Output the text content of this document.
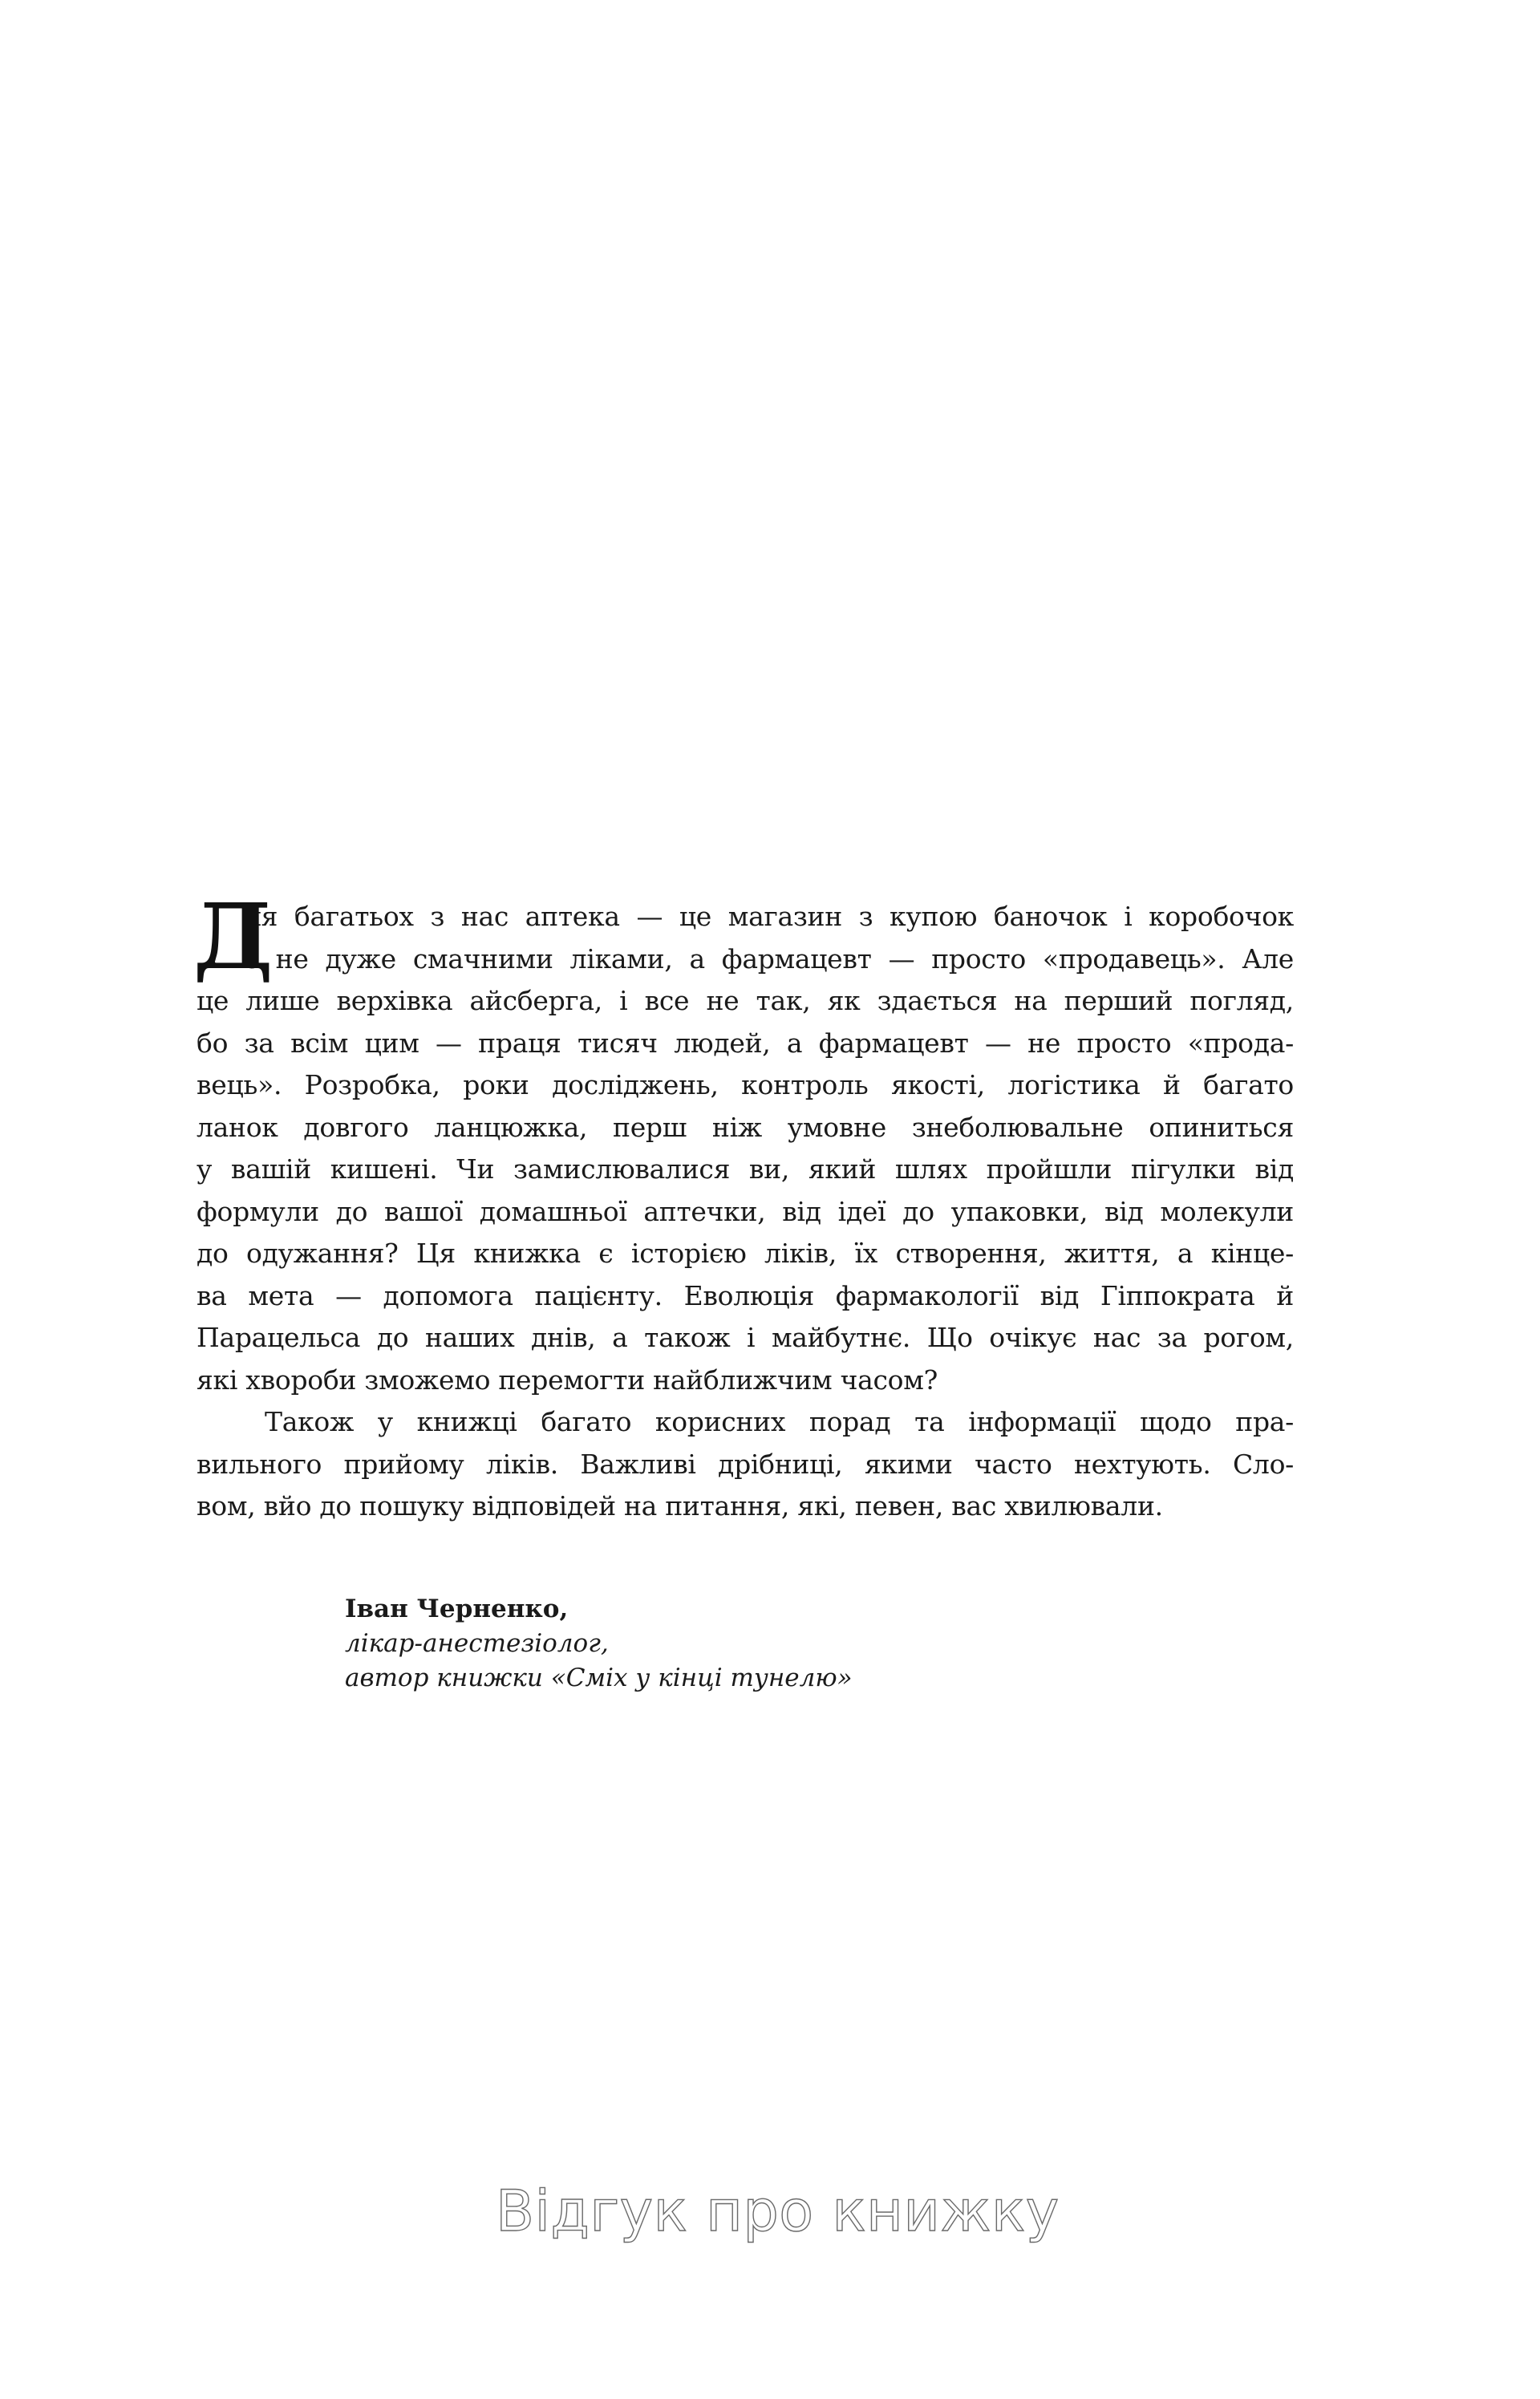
Д
ля багатьох з нас аптека — це магазин з купою баночок і коробочок
з не дуже смачними ліками, а фармацевт — просто «продавець». Але
це лише верхівка айсберга, і все не так, як здається на перший погляд,
бо за всім цим — праця тисяч людей, а фармацевт — не просто «прода-
вець». Розробка, роки досліджень, контроль якості, логістика й багато
ланок довгого ланцюжка, перш ніж умовне знеболювальне опиниться
у вашій кишені. Чи замислювалися ви, який шлях пройшли пігулки від
формули до вашої домашньої аптечки, від ідеї до упаковки, від молекули
до одужання? Ця книжка є історією ліків, їх створення, життя, а кінце-
ва мета — допомога пацієнту. Еволюція фармакології від Гіппократа й
Парацельса до наших днів, а також і майбутнє. Що очікує нас за рогом,
які хвороби зможемо перемогти найближчим часом?
Також у книжці багато корисних порад та інформації щодо пра-
вильного прийому ліків. Важливі дрібниці, якими часто нехтують. Сло-
вом, вйо до пошуку відповідей на питання, які, певен, вас хвилювали.
Іван Черненко,
лікар-анестезіолог,
автор книжки «Сміх у кінці тунелю»
Відгук про книжку
